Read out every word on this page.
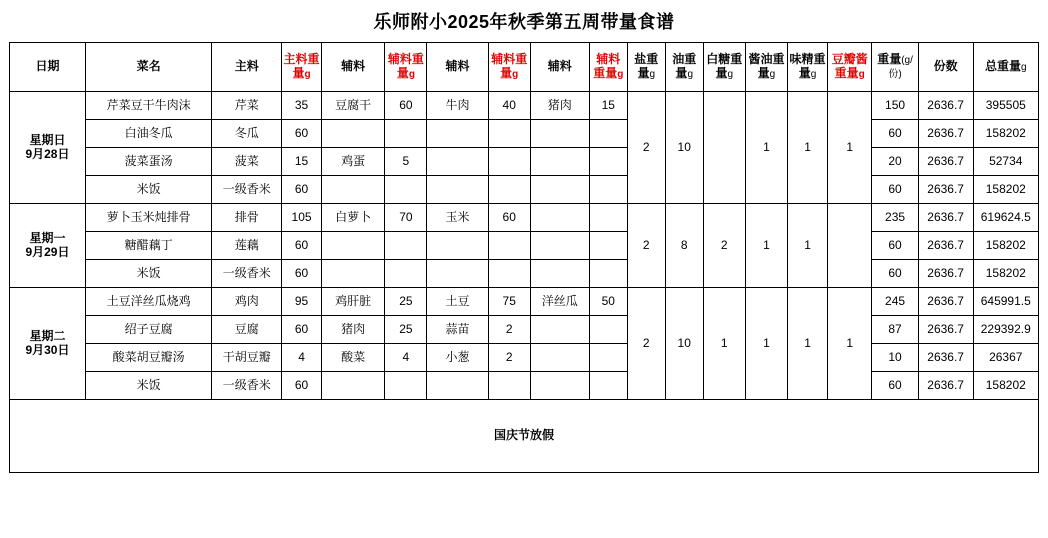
乐师附小2025年秋季第五周带量食谱
日期	菜名	主料	主料重量g	辅料	辅料重量g	辅料	辅料重量g	辅料	辅料重量g	盐重量g	油重量g	白糖重量g	酱油重量g	味精重量g	豆瓣酱重量g	重量(g/份)	份数	总重量g

星期日
9月28日	芹菜豆干牛肉沫	芹菜	35	豆腐干	60	牛肉	40	猪肉	15	2	10		1	1	1	150	2636.7	395505
	白油冬瓜	冬瓜	60													60	2636.7	158202
	菠菜蛋汤	菠菜	15	鸡蛋	5											20	2636.7	52734
	米饭	一级香米	60													60	2636.7	158202

星期一
9月29日	萝卜玉米炖排骨	排骨	105	白萝卜	70	玉米	60			2	8	2	1	1		235	2636.7	619624.5
	糖醋藕丁	莲藕	60													60	2636.7	158202
	米饭	一级香米	60													60	2636.7	158202

星期二
9月30日	土豆洋丝瓜烧鸡	鸡肉	95	鸡肝脏	25	土豆	75	洋丝瓜	50	2	10	1	1	1	1	245	2636.7	645991.5
	绍子豆腐	豆腐	60	猪肉	25	蒜苗	2									87	2636.7	229392.9
	酸菜胡豆瓣汤	干胡豆瓣	4	酸菜	4	小葱	2									10	2636.7	26367
	米饭	一级香米	60													60	2636.7	158202
国庆节放假																		
